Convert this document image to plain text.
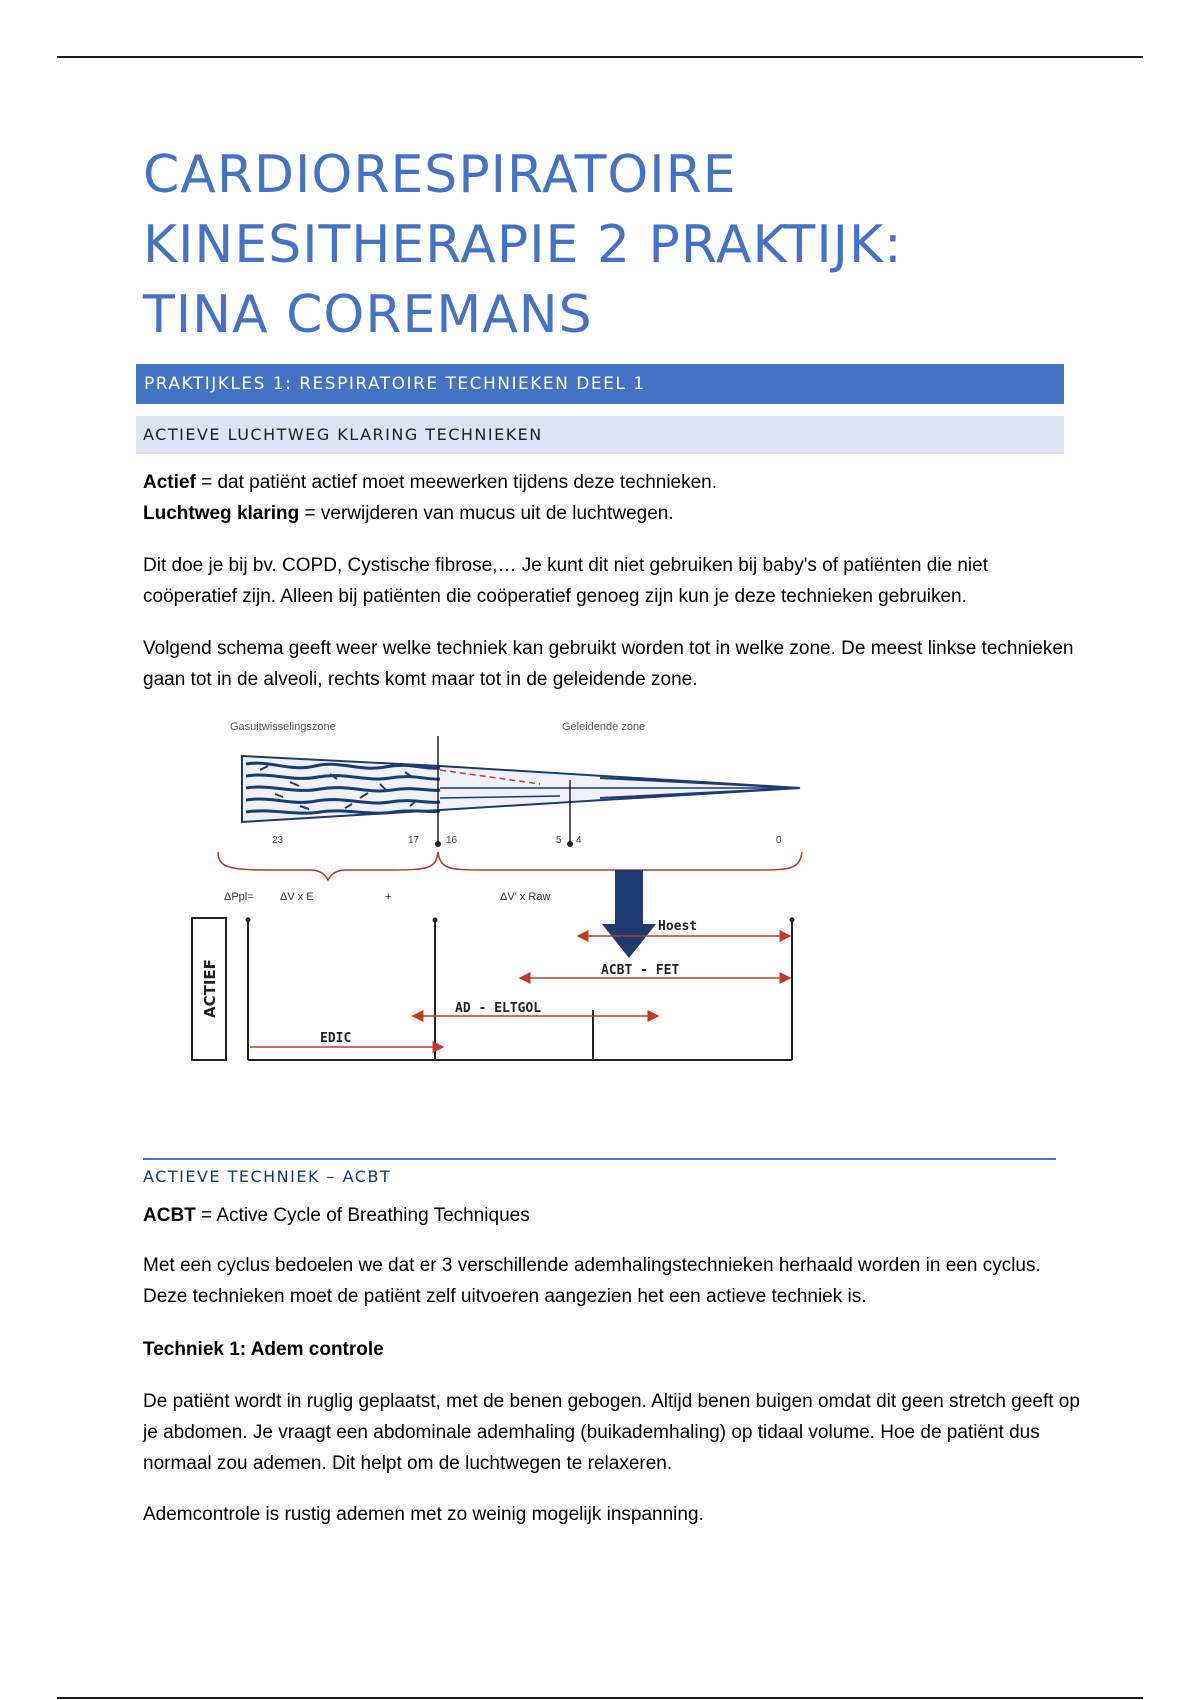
CARDIORESPIRATOIRE
KINESITHERAPIE 2 PRAKTIJK:
TINA COREMANS
PRAKTIJKLES 1: RESPIRATOIRE TECHNIEKEN DEEL 1
ACTIEVE LUCHTWEG KLARING TECHNIEKEN

Actief = dat patiënt actief moet meewerken tijdens deze technieken.
Luchtweg klaring = verwijderen van mucus uit de luchtwegen.

Dit doe je bij bv. COPD, Cystische fibrose,… Je kunt dit niet gebruiken bij baby's of patiënten die niet coöperatief zijn. Alleen bij patiënten die coöperatief genoeg zijn kun je deze technieken gebruiken.

Volgend schema geeft weer welke techniek kan gebruikt worden tot in welke zone. De meest linkse technieken gaan tot in de alveoli, rechts komt maar tot in de geleidende zone.

Gasuitwisselingszone	Geleidende zone
23	17	16	5 4	0
ΔPpl= ΔV x E	+	ΔV' x Raw
ACTIEF
Hoest
ACBT - FET
AD - ELTGOL
EDIC
ACTIEVE TECHNIEK – ACBT

ACBT = Active Cycle of Breathing Techniques

Met een cyclus bedoelen we dat er 3 verschillende ademhalingstechnieken herhaald worden in een cyclus. Deze technieken moet de patiënt zelf uitvoeren aangezien het een actieve techniek is.

Techniek 1: Adem controle

De patiënt wordt in ruglig geplaatst, met de benen gebogen. Altijd benen buigen omdat dit geen stretch geeft op je abdomen. Je vraagt een abdominale ademhaling (buikademhaling) op tidaal volume. Hoe de patiënt dus normaal zou ademen. Dit helpt om de luchtwegen te relaxeren.

Ademcontrole is rustig ademen met zo weinig mogelijk inspanning.
